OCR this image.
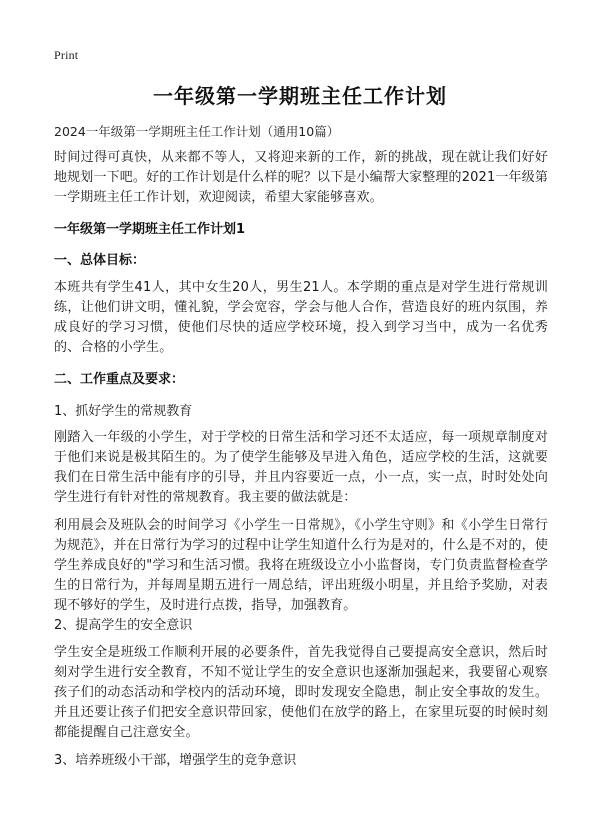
Print
一年级第一学期班主任工作计划
2024一年级第一学期班主任工作计划（通用10篇）
时间过得可真快，从来都不等人，又将迎来新的工作，新的挑战，现在就让我们好好地规划一下吧。好的工作计划是什么样的呢？以下是小编帮大家整理的2021一年级第一学期班主任工作计划，欢迎阅读，希望大家能够喜欢。
一年级第一学期班主任工作计划1
一、总体目标：
本班共有学生41人，其中女生20人，男生21人。本学期的重点是对学生进行常规训练，让他们讲文明，懂礼貌，学会宽容，学会与他人合作，营造良好的班内氛围，养成良好的学习习惯，使他们尽快的适应学校环境，投入到学习当中，成为一名优秀的、合格的小学生。
二、工作重点及要求：
1、抓好学生的常规教育
刚踏入一年级的小学生，对于学校的日常生活和学习还不太适应，每一项规章制度对于他们来说是极其陌生的。为了使学生能够及早进入角色，适应学校的生活，这就要我们在日常生活中能有序的引导，并且内容要近一点，小一点，实一点，时时处处向学生进行有针对性的常规教育。我主要的做法就是：
利用晨会及班队会的时间学习《小学生一日常规》，《小学生守则》和《小学生日常行为规范》，并在日常行为学习的过程中让学生知道什么行为是对的，什么是不对的，使学生养成良好的"学习和生活习惯。我将在班级设立小小监督岗，专门负责监督检查学生的日常行为，并每周星期五进行一周总结，评出班级小明星，并且给予奖励，对表现不够好的学生，及时进行点拨，指导，加强教育。
2、提高学生的安全意识
学生安全是班级工作顺利开展的必要条件，首先我觉得自己要提高安全意识，然后时刻对学生进行安全教育，不知不觉让学生的安全意识也逐渐加强起来，我要留心观察孩子们的动态活动和学校内的活动环境，即时发现安全隐患，制止安全事故的发生。并且还要让孩子们把安全意识带回家，使他们在放学的路上，在家里玩耍的时候时刻都能提醒自己注意安全。
3、培养班级小干部，增强学生的竞争意识
